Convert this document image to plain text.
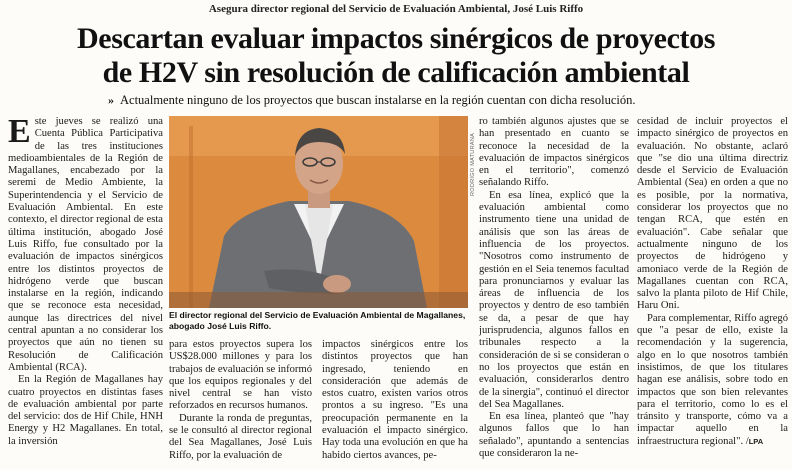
Asegura director regional del Servicio de Evaluación Ambiental, José Luis Riffo
Descartan evaluar impactos sinérgicos de proyectos
de H2V sin resolución de calificación ambiental
» Actualmente ninguno de los proyectos que buscan instalarse en la región cuentan con dicha resolución.

Este jueves se realizó una Cuenta Pública Participativa de las tres instituciones medioambientales de la Región de Magallanes, encabezado por la seremi de Medio Ambiente, la Superintendencia y el Servicio de Evaluación Ambiental. En este contexto, el director regional de esta última institución, abogado José Luis Riffo, fue consultado por la evaluación de impactos sinérgicos entre los distintos proyectos de hidrógeno verde que buscan instalarse en la región, indicando que se reconoce esta necesidad, aunque las directrices del nivel central apuntan a no considerar los proyectos que aún no tienen su Resolución de Calificación Ambiental (RCA).

En la Región de Magallanes hay cuatro proyectos en distintas fases de evaluación ambiental por parte del servicio: dos de Hif Chile, HNH Energy y H2 Magallanes. En total, la inversión

RODRIGO MATURANA
El director regional del Servicio de Evaluación Ambiental de Magallanes, abogado José Luis Riffo.

para estos proyectos supera los US$28.000 millones y para los trabajos de evaluación se informó que los equipos regionales y del nivel central se han visto reforzados en recursos humanos.

Durante la ronda de preguntas, se le consultó al director regional del Sea Magallanes, José Luis Riffo, por la evaluación de

impactos sinérgicos entre los distintos proyectos que han ingresado, teniendo en consideración que además de estos cuatro, existen varios otros prontos a su ingreso. "Es una preocupación permanente en la evaluación el impacto sinérgico. Hay toda una evolución en que ha habido ciertos avances, pe-

ro también algunos ajustes que se han presentado en cuanto se reconoce la necesidad de la evaluación de impactos sinérgicos en el territorio", comenzó señalando Riffo.

En esa línea, explicó que la evaluación ambiental como instrumento tiene una unidad de análisis que son las áreas de influencia de los proyectos. "Nosotros como instrumento de gestión en el Seia tenemos facultad para pronunciarnos y evaluar las áreas de influencia de los proyectos y dentro de eso también se da, a pesar de que hay jurisprudencia, algunos fallos en tribunales respecto a la consideración de si se consideran o no los proyectos que están en evaluación, considerarlos dentro de la sinergia", continuó el director del Sea Magallanes.

En esa línea, planteó que "hay algunos fallos que lo han señalado", apuntando a sentencias que consideraron la ne-

cesidad de incluir proyectos el impacto sinérgico de proyectos en evaluación. No obstante, aclaró que "se dio una última directriz desde el Servicio de Evaluación Ambiental (Sea) en orden a que no es posible, por la normativa, considerar los proyectos que no tengan RCA, que estén en evaluación". Cabe señalar que actualmente ninguno de los proyectos de hidrógeno y amoniaco verde de la Región de Magallanes cuentan con RCA, salvo la planta piloto de Hif Chile, Haru Oni.

Para complementar, Riffo agregó que "a pesar de ello, existe la recomendación y la sugerencia, algo en lo que nosotros también insistimos, de que los titulares hagan ese análisis, sobre todo en impactos que son bien relevantes para el territorio, como lo es el tránsito y transporte, cómo va a impactar aquello en la infraestructura regional". /LPA
